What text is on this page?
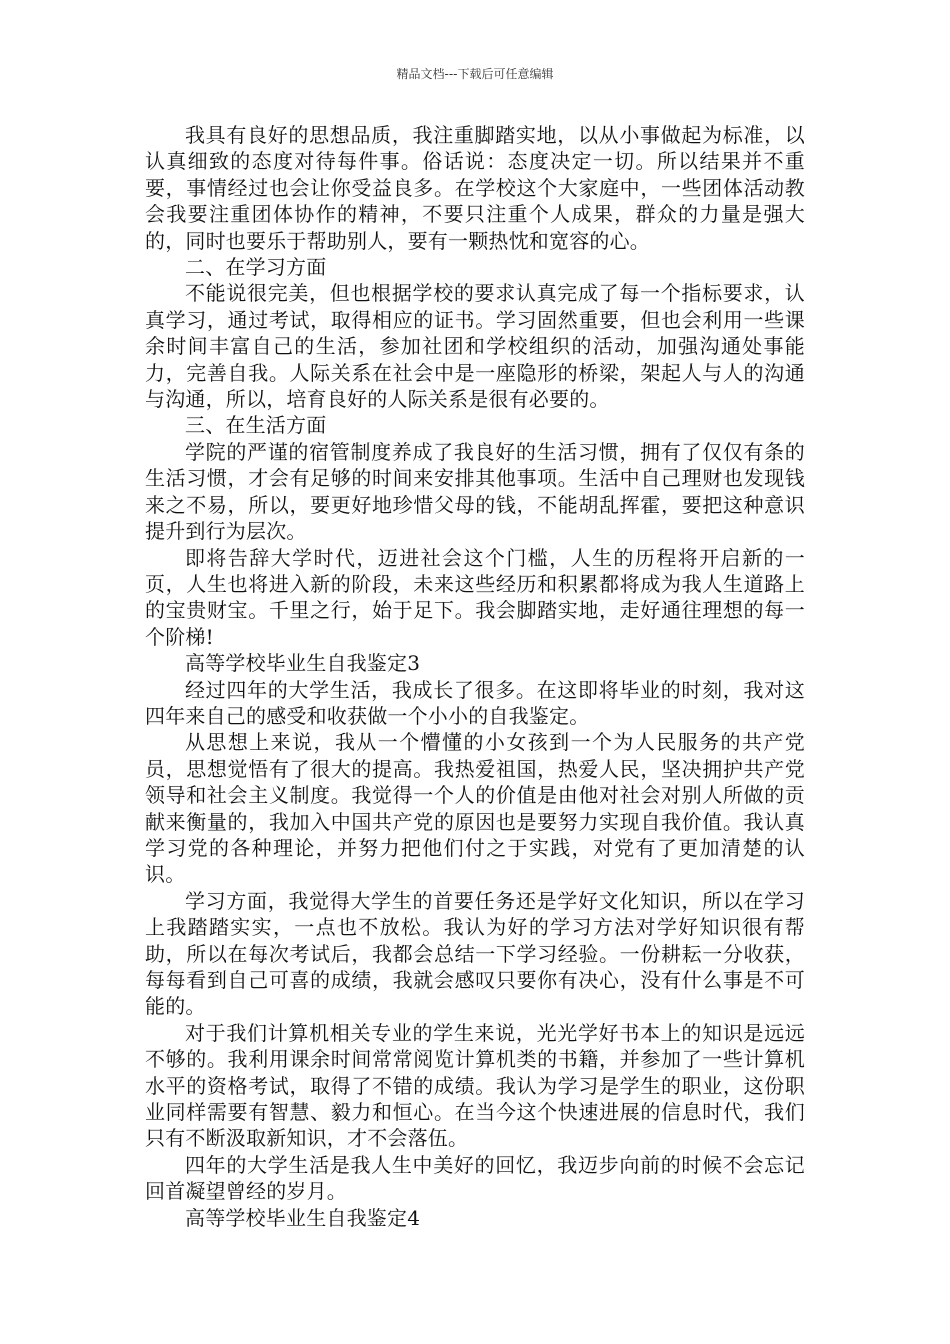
精品文档---下载后可任意编辑

我具有良好的思想品质，我注重脚踏实地，以从小事做起为标准，以认真细致的态度对待每件事。俗话说：态度决定一切。所以结果并不重要，事情经过也会让你受益良多。在学校这个大家庭中，一些团体活动教会我要注重团体协作的精神，不要只注重个人成果，群众的力量是强大的，同时也要乐于帮助别人，要有一颗热忱和宽容的心。

二、在学习方面

不能说很完美，但也根据学校的要求认真完成了每一个指标要求，认真学习，通过考试，取得相应的证书。学习固然重要，但也会利用一些课余时间丰富自己的生活，参加社团和学校组织的活动，加强沟通处事能力，完善自我。人际关系在社会中是一座隐形的桥梁，架起人与人的沟通与沟通，所以，培育良好的人际关系是很有必要的。

三、在生活方面

学院的严谨的宿管制度养成了我良好的生活习惯，拥有了仅仅有条的生活习惯，才会有足够的时间来安排其他事项。生活中自己理财也发现钱来之不易，所以，要更好地珍惜父母的钱，不能胡乱挥霍，要把这种意识提升到行为层次。

即将告辞大学时代，迈进社会这个门槛，人生的历程将开启新的一页，人生也将进入新的阶段，未来这些经历和积累都将成为我人生道路上的宝贵财宝。千里之行，始于足下。我会脚踏实地，走好通往理想的每一个阶梯!

高等学校毕业生自我鉴定3

经过四年的大学生活，我成长了很多。在这即将毕业的时刻，我对这四年来自己的感受和收获做一个小小的自我鉴定。

从思想上来说，我从一个懵懂的小女孩到一个为人民服务的共产党员，思想觉悟有了很大的提高。我热爱祖国，热爱人民，坚决拥护共产党领导和社会主义制度。我觉得一个人的价值是由他对社会对别人所做的贡献来衡量的，我加入中国共产党的原因也是要努力实现自我价值。我认真学习党的各种理论，并努力把他们付之于实践，对党有了更加清楚的认识。

学习方面，我觉得大学生的首要任务还是学好文化知识，所以在学习上我踏踏实实，一点也不放松。我认为好的学习方法对学好知识很有帮助，所以在每次考试后，我都会总结一下学习经验。一份耕耘一分收获，每每看到自己可喜的成绩，我就会感叹只要你有决心，没有什么事是不可能的。

对于我们计算机相关专业的学生来说，光光学好书本上的知识是远远不够的。我利用课余时间常常阅览计算机类的书籍，并参加了一些计算机水平的资格考试，取得了不错的成绩。我认为学习是学生的职业，这份职业同样需要有智慧、毅力和恒心。在当今这个快速进展的信息时代，我们只有不断汲取新知识，才不会落伍。

四年的大学生活是我人生中美好的回忆，我迈步向前的时候不会忘记回首凝望曾经的岁月。

高等学校毕业生自我鉴定4
